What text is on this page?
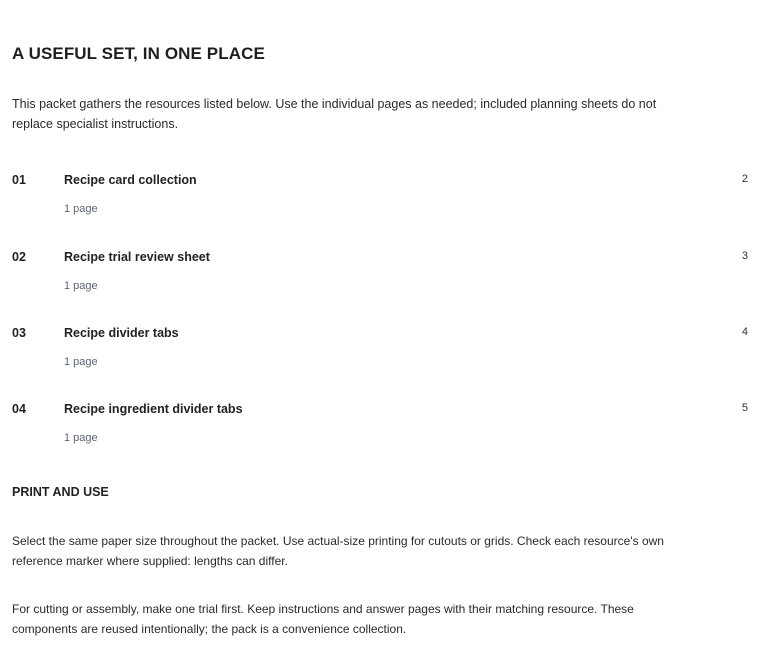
A USEFUL SET, IN ONE PLACE

This packet gathers the resources listed below. Use the individual pages as needed; included planning sheets do not replace specialist instructions.

01	Recipe card collection
1 page
2
02	Recipe trial review sheet
1 page
3
03	Recipe divider tabs
1 page
4
04	Recipe ingredient divider tabs
1 page
5
PRINT AND USE

Select the same paper size throughout the packet. Use actual-size printing for cutouts or grids. Check each resource's own reference marker where supplied: lengths can differ.

For cutting or assembly, make one trial first. Keep instructions and answer pages with their matching resource. These components are reused intentionally; the pack is a convenience collection.
